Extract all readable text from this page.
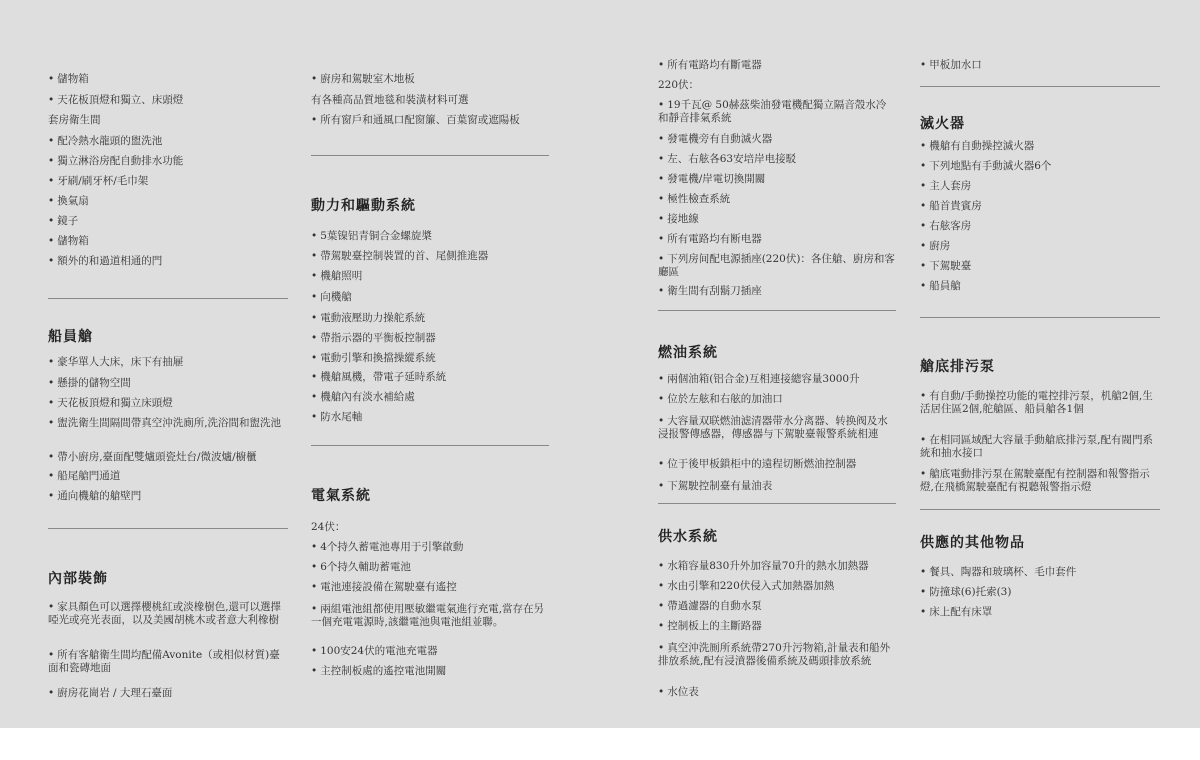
• 儲物箱
• 天花板頂燈和獨立、床頭燈
套房衛生間
• 配冷熱水龍頭的盥洗池
• 獨立淋浴房配自動排水功能
• 牙刷/刷牙杯/毛巾架
• 換氣扇
• 鏡子
• 儲物箱
• 額外的和過道相通的門
船員艙
• 豪华單人大床，床下有抽屜
• 懸掛的儲物空間
• 天花板頂燈和獨立床頭燈
• 盥洗衛生間隔間帶真空沖洗廁所,洗浴間和盥洗池
• 帶小廚房,臺面配雙爐頭瓷灶台/微波爐/櫥櫃
• 船尾艙門通道
• 通向機艙的艙壁門
內部裝飾
• 家具顏色可以選擇櫻桃紅或淡橡樹色,還可以選擇啞光或亮光表面，以及美國胡桃木或者意大利橡樹
• 所有客艙衛生間均配備Avonite（或相似材質)臺面和瓷磚地面
• 廚房花崗岩 / 大理石臺面
• 廚房和駕駛室木地板
有各種高品質地毯和裝潢材料可選
• 所有窗戶和通風口配窗簾、百葉窗或遮陽板
動力和驅動系統
• 5葉镍铝青铜合金螺旋槳
• 帶駕駛臺控制裝置的首、尾側推進器
• 機艙照明
• 向機艙
• 電動液壓助力操舵系統
• 帶指示器的平衡板控制器
• 電動引擎和換擋操縱系統
• 機艙風機，帶電子延時系統
• 機艙內有淡水補給處
• 防水尾軸
電氣系統
24伏：
• 4个持久蓄電池專用于引擎啟動
• 6个持久輔助蓄電池
• 電池連接設備在駕駛臺有遙控
• 兩組電池組都使用壓敏繼電氣進行充電,當存在另一個充電電源時,該繼電池與電池組並聯。
• 100安24伏的電池充電器
• 主控制板處的遙控電池開關
• 所有電路均有斷電器
220伏：
• 19千瓦@ 50赫茲柴油發電機配獨立隔音殼水冷和靜音排氣系統
• 發電機旁有自動滅火器
• 左、右舷各63安培岸电接駁
• 發電機/岸電切換開關
• 極性檢查系統
• 接地線
• 所有電路均有断电器
• 下列房间配电源插座(220伏)：各住艙、廚房和客廳區
• 衛生間有刮鬍刀插座
燃油系統
• 兩個油箱(铝合金)互相連接總容量3000升
• 位於左舷和右舷的加油口
• 大容量双联燃油滤清器带水分离器、转换阀及水浸报警傳感器，傳感器与下駕駛臺報警系統相連
• 位于後甲板鎖柜中的遠程切断燃油控制器
• 下駕駛控制臺有量油表
供水系統
• 水箱容量830升外加容量70升的熱水加熱器
• 水由引擎和220伏侵入式加熱器加熱
• 帶過濾器的自動水泵
• 控制板上的主斷路器
• 真空沖洗厠所系統帶270升污物箱,計量表和船外排放系統,配有浸濆器後備系統及碼頭排放系統
• 水位表
• 甲板加水口
滅火器
• 機艙有自動操控滅火器
• 下列地點有手動滅火器6个
• 主人套房
• 船首貴賓房
• 右舷客房
• 廚房
• 下駕駛臺
• 船員艙
艙底排污泵
• 有自動/手動操控功能的電控排污泵，机艙2個,生活居住區2個,舵艙區、船員艙各1個
• 在相同區域配大容量手動艙底排污泵,配有閥門系統和抽水接口
• 艙底電動排污泵在駕駛臺配有控制器和報警指示燈,在飛橋駕駛臺配有視聽報警指示燈
供應的其他物品
• 餐具、陶器和玻璃杯、毛巾套件
• 防撞球(6)托索(3)
• 床上配有床罩
